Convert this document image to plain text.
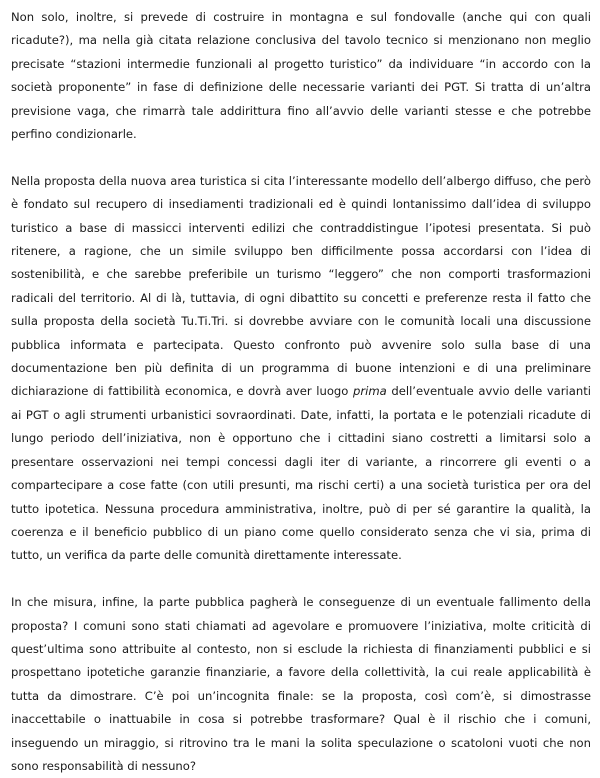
Non solo, inoltre, si prevede di costruire in montagna e sul fondovalle (anche qui con quali ricadute?), ma nella già citata relazione conclusiva del tavolo tecnico si menzionano non meglio precisate “stazioni intermedie funzionali al progetto turistico” da individuare “in accordo con la società proponente” in fase di definizione delle necessarie varianti dei PGT. Si tratta di un’altra previsione vaga, che rimarrà tale addirittura fino all’avvio delle varianti stesse e che potrebbe perfino condizionarle.

Nella proposta della nuova area turistica si cita l’interessante modello dell’albergo diffuso, che però è fondato sul recupero di insediamenti tradizionali ed è quindi lontanissimo dall’idea di sviluppo turistico a base di massicci interventi edilizi che contraddistingue l’ipotesi presentata. Si può ritenere, a ragione, che un simile sviluppo ben difficilmente possa accordarsi con l’idea di sostenibilità, e che sarebbe preferibile un turismo “leggero” che non comporti trasformazioni radicali del territorio. Al di là, tuttavia, di ogni dibattito su concetti e preferenze resta il fatto che sulla proposta della società Tu.Ti.Tri. si dovrebbe avviare con le comunità locali una discussione pubblica informata e partecipata. Questo confronto può avvenire solo sulla base di una documentazione ben più definita di un programma di buone intenzioni e di una preliminare dichiarazione di fattibilità economica, e dovrà aver luogo prima dell’eventuale avvio delle varianti ai PGT o agli strumenti urbanistici sovraordinati. Date, infatti, la portata e le potenziali ricadute di lungo periodo dell’iniziativa, non è opportuno che i cittadini siano costretti a limitarsi solo a presentare osservazioni nei tempi concessi dagli iter di variante, a rincorrere gli eventi o a compartecipare a cose fatte (con utili presunti, ma rischi certi) a una società turistica per ora del tutto ipotetica. Nessuna procedura amministrativa, inoltre, può di per sé garantire la qualità, la coerenza e il beneficio pubblico di un piano come quello considerato senza che vi sia, prima di tutto, un verifica da parte delle comunità direttamente interessate.

In che misura, infine, la parte pubblica pagherà le conseguenze di un eventuale fallimento della proposta? I comuni sono stati chiamati ad agevolare e promuovere l’iniziativa, molte criticità di quest’ultima sono attribuite al contesto, non si esclude la richiesta di finanziamenti pubblici e si prospettano ipotetiche garanzie finanziarie, a favore della collettività, la cui reale applicabilità è tutta da dimostrare. C’è poi un’incognita finale: se la proposta, così com’è, si dimostrasse inaccettabile o inattuabile in cosa si potrebbe trasformare? Qual è il rischio che i comuni, inseguendo un miraggio, si ritrovino tra le mani la solita speculazione o scatoloni vuoti che non sono responsabilità di nessuno?
